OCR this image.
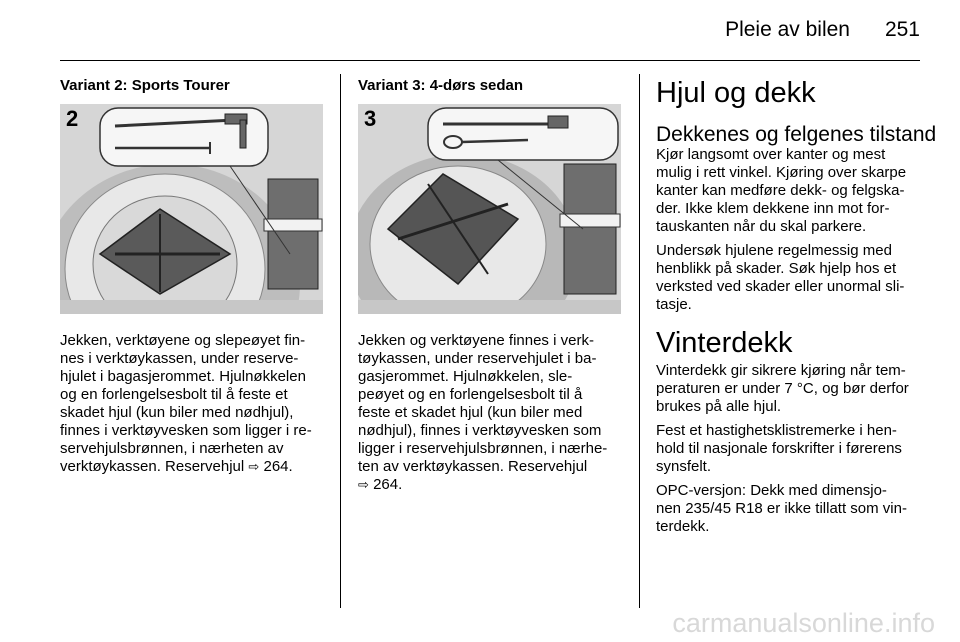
Pleie av bilen	251

Variant 2: Sports Tourer

2

Jekken, verktøyene og slepeøyet fin-

nes i verktøykassen, under reserve-

hjulet i bagasjerommet. Hjulnøkkelen

og en forlengelsesbolt til å feste et

skadet hjul (kun biler med nødhjul),

finnes i verktøyvesken som ligger i re-

servehjulsbrønnen, i nærheten av

verktøykassen. Reservehjul ⇨ 264.

Variant 3: 4-dørs sedan

3

Jekken og verktøyene finnes i verk-

tøykassen, under reservehjulet i ba-

gasjerommet. Hjulnøkkelen, sle-

peøyet og en forlengelsesbolt til å

feste et skadet hjul (kun biler med

nødhjul), finnes i verktøyvesken som

ligger i reservehjulsbrønnen, i nærhe-

ten av verktøykassen. Reservehjul

⇨ 264.

Hjul og dekk
Dekkenes og felgenes tilstand

Kjør langsomt over kanter og mest

mulig i rett vinkel. Kjøring over skarpe

kanter kan medføre dekk- og felgska-

der. Ikke klem dekkene inn mot for-

tauskanten når du skal parkere.

Undersøk hjulene regelmessig med

henblikk på skader. Søk hjelp hos et

verksted ved skader eller unormal sli-

tasje.

Vinterdekk

Vinterdekk gir sikrere kjøring når tem-

peraturen er under 7 °C, og bør derfor

brukes på alle hjul.

Fest et hastighetsklistremerke i hen-

hold til nasjonale forskrifter i førerens

synsfelt.

OPC-versjon: Dekk med dimensjo-

nen 235/45 R18 er ikke tillatt som vin-

terdekk.

carmanualsonline.info
